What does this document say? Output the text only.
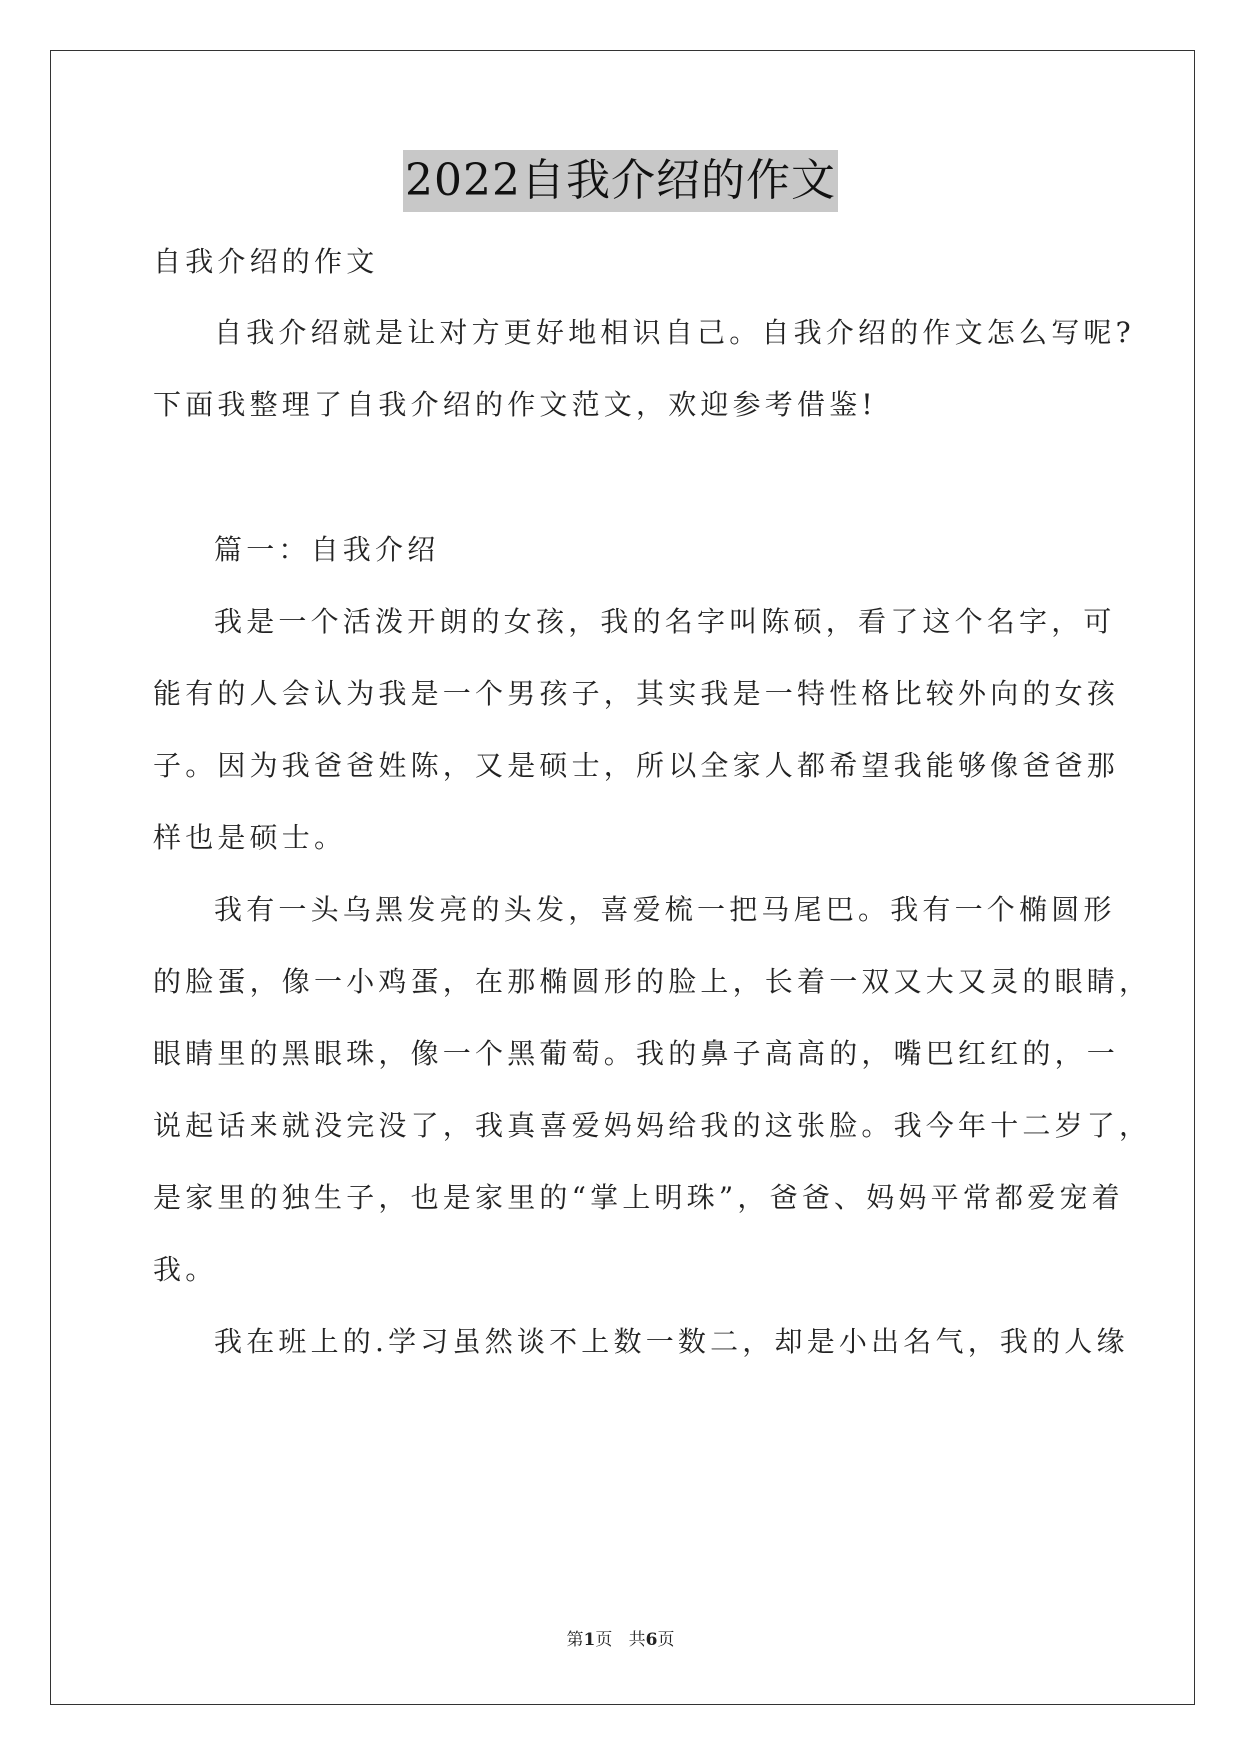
2022自我介绍的作文
自我介绍的作文
自我介绍就是让对方更好地相识自己。自我介绍的作文怎么写呢?
下面我整理了自我介绍的作文范文，欢迎参考借鉴!
篇一：自我介绍
我是一个活泼开朗的女孩，我的名字叫陈硕，看了这个名字，可
能有的人会认为我是一个男孩子，其实我是一特性格比较外向的女孩
子。因为我爸爸姓陈，又是硕士，所以全家人都希望我能够像爸爸那
样也是硕士。
我有一头乌黑发亮的头发，喜爱梳一把马尾巴。我有一个椭圆形
的脸蛋，像一小鸡蛋，在那椭圆形的脸上，长着一双又大又灵的眼睛，
眼睛里的黑眼珠，像一个黑葡萄。我的鼻子高高的，嘴巴红红的，一
说起话来就没完没了，我真喜爱妈妈给我的这张脸。我今年十二岁了，
是家里的独生子，也是家里的“掌上明珠”，爸爸、妈妈平常都爱宠着
我。
我在班上的.学习虽然谈不上数一数二，却是小出名气，我的人缘
第1页 共6页
